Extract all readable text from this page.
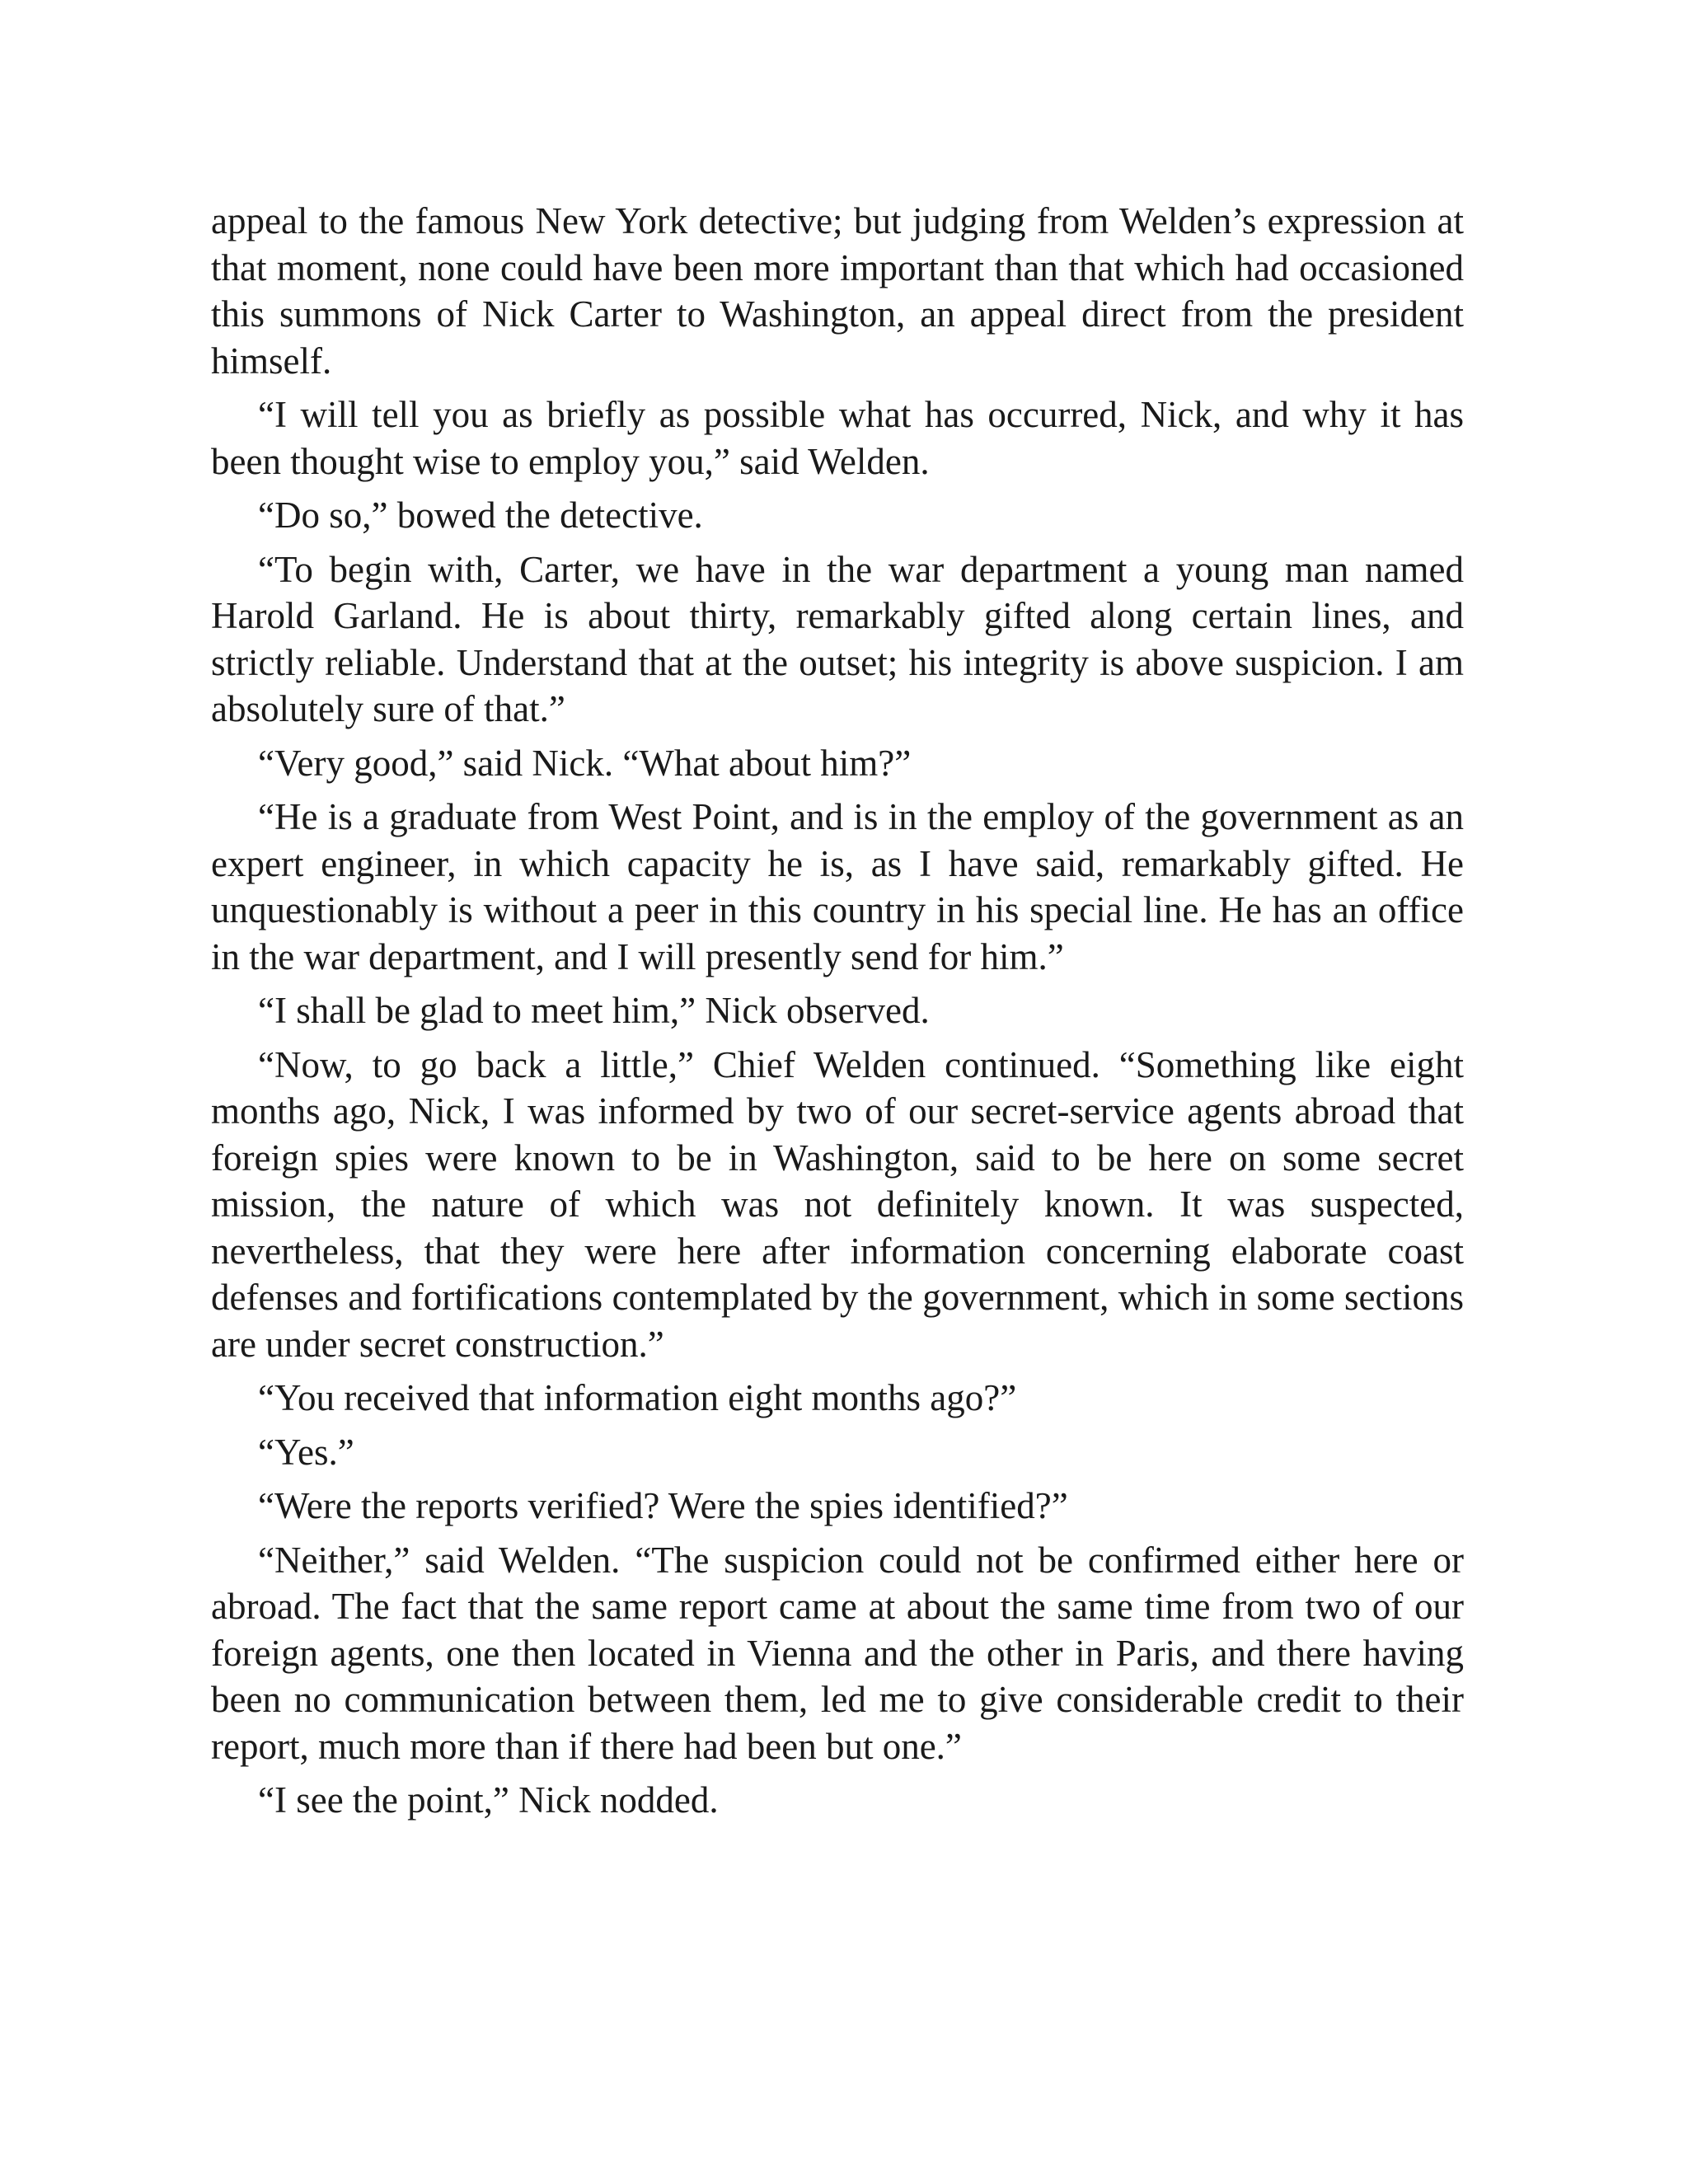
appeal to the famous New York detective; but judging from Welden’s expression at that moment, none could have been more important than that which had occasioned this summons of Nick Carter to Washington, an appeal direct from the president himself.

“I will tell you as briefly as possible what has occurred, Nick, and why it has been thought wise to employ you,” said Welden.

“Do so,” bowed the detective.

“To begin with, Carter, we have in the war department a young man named Harold Garland. He is about thirty, remarkably gifted along certain lines, and strictly reliable. Understand that at the outset; his integrity is above suspicion. I am absolutely sure of that.”

“Very good,” said Nick. “What about him?”

“He is a graduate from West Point, and is in the employ of the government as an expert engineer, in which capacity he is, as I have said, remarkably gifted. He unquestionably is without a peer in this country in his special line. He has an office in the war department, and I will presently send for him.”

“I shall be glad to meet him,” Nick observed.

“Now, to go back a little,” Chief Welden continued. “Something like eight months ago, Nick, I was informed by two of our secret-service agents abroad that foreign spies were known to be in Washington, said to be here on some secret mission, the nature of which was not definitely known. It was suspected, nevertheless, that they were here after information concerning elaborate coast defenses and fortifications contemplated by the government, which in some sections are under secret construction.”

“You received that information eight months ago?”

“Yes.”

“Were the reports verified? Were the spies identified?”

“Neither,” said Welden. “The suspicion could not be confirmed either here or abroad. The fact that the same report came at about the same time from two of our foreign agents, one then located in Vienna and the other in Paris, and there having been no communication between them, led me to give considerable credit to their report, much more than if there had been but one.”

“I see the point,” Nick nodded.
